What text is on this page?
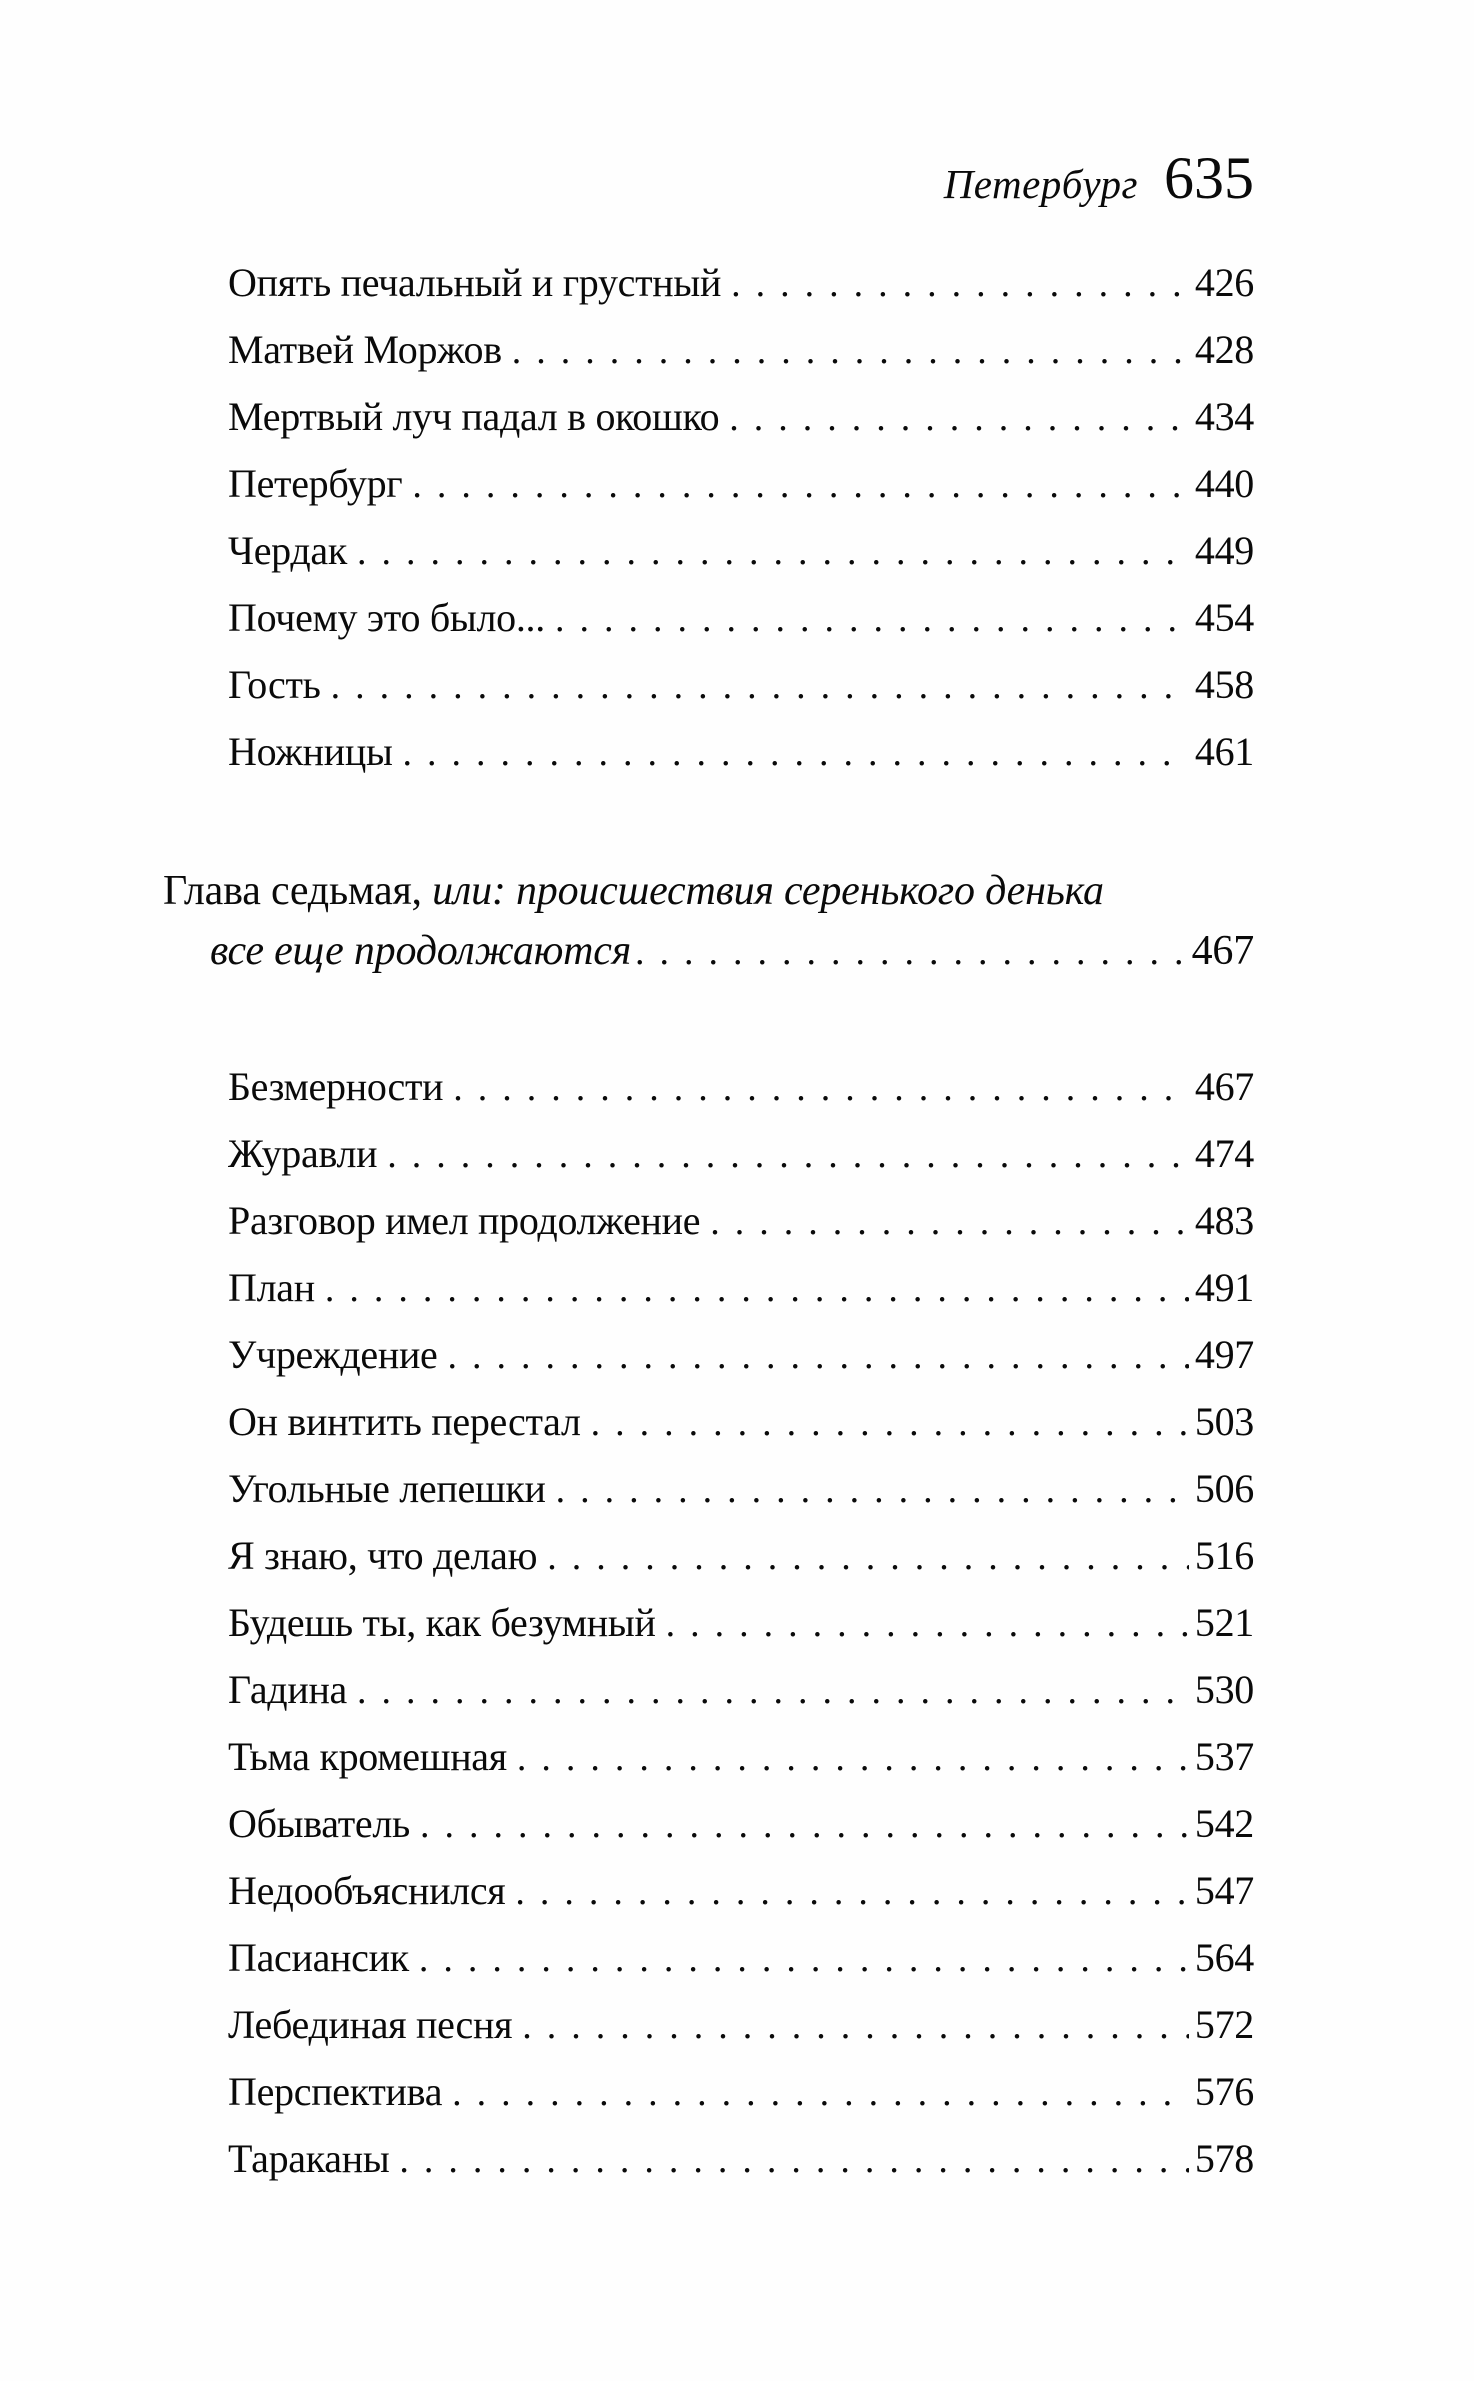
Петербург 635
Опять печальный и грустный .....	426
Матвей Моржов .....	428
Мертвый луч падал в окошко .....	434
Петербург .....	440
Чердак .....	449
Почему это было... .....	454
Гость .....	458
Ножницы .....	461
Глава седьмая, или: происшествия серенького денька
все еще продолжаются .....	467
Безмерности .....	467
Журавли .....	474
Разговор имел продолжение .....	483
План .....	491
Учреждение .....	497
Он винтить перестал .....	503
Угольные лепешки .....	506
Я знаю, что делаю .....	516
Будешь ты, как безумный .....	521
Гадина .....	530
Тьма кромешная .....	537
Обыватель .....	542
Недообъяснился .....	547
Пасиансик .....	564
Лебединая песня .....	572
Перспектива .....	576
Тараканы .....	578
